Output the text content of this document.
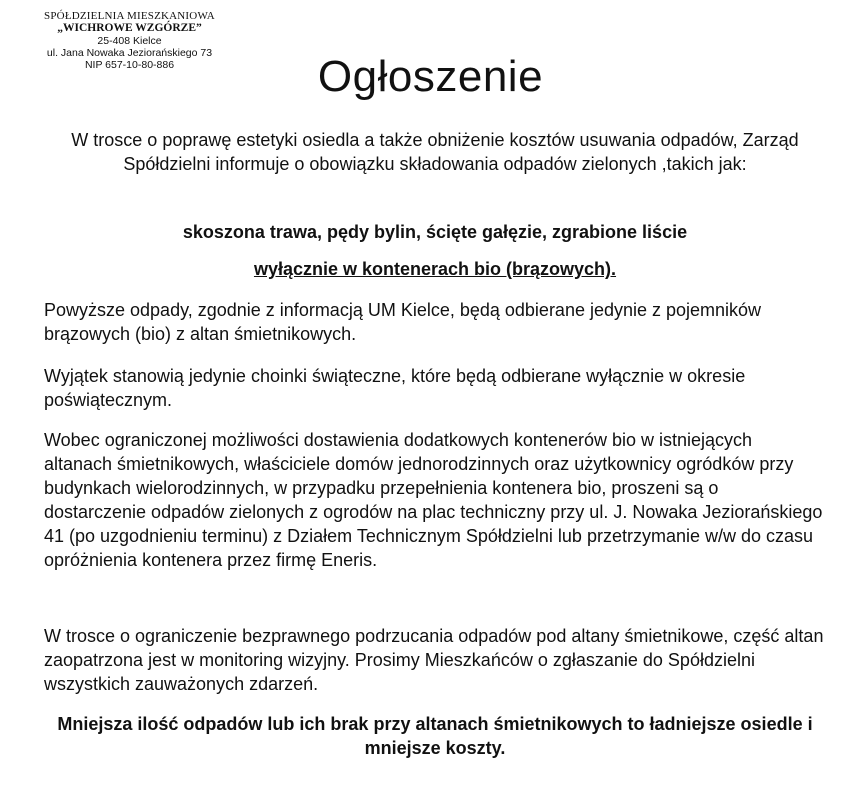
SPÓŁDZIELNIA MIESZKANIOWA
„WICHROWE WZGÓRZE”
25-408 Kielce
ul. Jana Nowaka Jeziorańskiego 73
NIP 657-10-80-886	Ogłoszenie

W trosce o poprawę estetyki osiedla a także obniżenie kosztów usuwania odpadów, Zarząd Spółdzielni informuje o obowiązku składowania odpadów zielonych ,takich jak:

skoszona trawa, pędy bylin, ścięte gałęzie, zgrabione liście

wyłącznie w kontenerach bio (brązowych).

Powyższe odpady, zgodnie z informacją UM Kielce, będą odbierane jedynie z pojemników brązowych (bio) z altan śmietnikowych.

Wyjątek stanowią jedynie choinki świąteczne, które będą odbierane wyłącznie w okresie poświątecznym.

Wobec ograniczonej możliwości dostawienia dodatkowych kontenerów bio w istniejących altanach śmietnikowych, właściciele domów jednorodzinnych oraz użytkownicy ogródków przy budynkach wielorodzinnych, w przypadku przepełnienia kontenera bio, proszeni są o dostarczenie odpadów zielonych z ogrodów na plac techniczny przy ul. J. Nowaka Jeziorańskiego 41 (po uzgodnieniu terminu) z Działem Technicznym Spółdzielni lub przetrzymanie w/w do czasu opróżnienia kontenera przez firmę Eneris.

W trosce o ograniczenie bezprawnego podrzucania odpadów pod altany śmietnikowe, część altan zaopatrzona jest w monitoring wizyjny. Prosimy Mieszkańców o zgłaszanie do Spółdzielni wszystkich zauważonych zdarzeń.

Mniejsza ilość odpadów lub ich brak przy altanach śmietnikowych to ładniejsze osiedle i mniejsze koszty.
